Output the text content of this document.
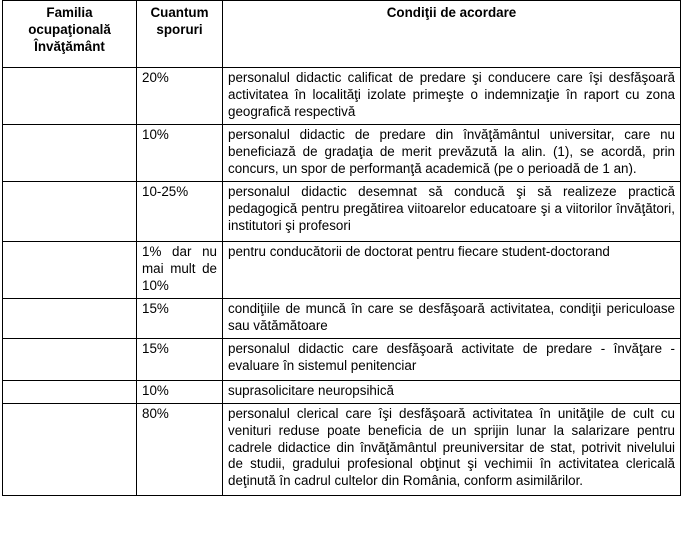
Familia ocupaţională Învăţământ	Cuantum sporuri	Condiţii de acordare
	20%	personalul didactic calificat de predare şi conducere care îşi desfăşoară activitatea în localităţi izolate primeşte o indemnizaţie în raport cu zona geografică respectivă
	10%	personalul didactic de predare din învăţământul universitar, care nu beneficiază de gradaţia de merit prevăzută la alin. (1), se acordă, prin concurs, un spor de performanţă academică (pe o perioadă de 1 an).
	10-25%	personalul didactic desemnat să conducă şi să realizeze practică pedagogică pentru pregătirea viitoarelor educatoare şi a viitorilor învăţători, institutori şi profesori
	1% dar nu mai mult de 10%	pentru conducătorii de doctorat pentru fiecare student-doctorand
	15%	condiţiile de muncă în care se desfăşoară activitatea, condiţii periculoase sau vătămătoare
	15%	personalul didactic care desfăşoară activitate de predare - învăţare - evaluare în sistemul penitenciar
	10%	suprasolicitare neuropsihică
	80%	personalul clerical care îşi desfăşoară activitatea în unităţile de cult cu venituri reduse poate beneficia de un sprijin lunar la salarizare pentru cadrele didactice din învăţământul preuniversitar de stat, potrivit nivelului de studii, gradului profesional obţinut şi vechimii în activitatea clericală deţinută în cadrul cultelor din România, conform asimilărilor.
